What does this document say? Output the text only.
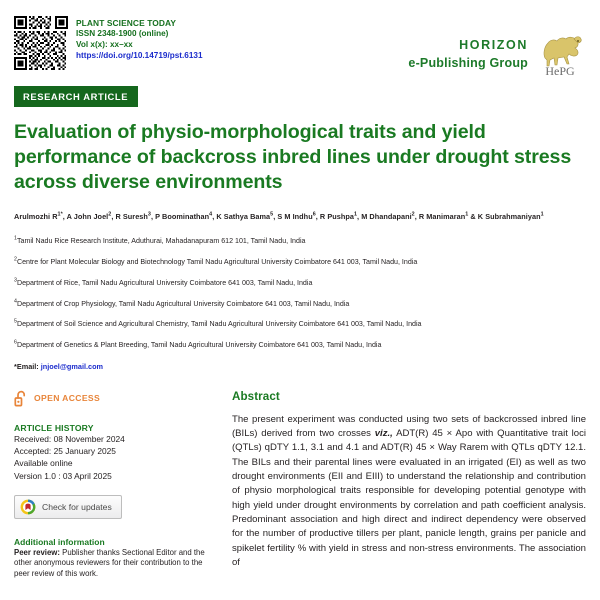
PLANT SCIENCE TODAY
ISSN 2348-1900 (online)
Vol x(x): xx–xx
https://doi.org/10.14719/pst.6131
HORIZON
e-Publishing Group
HePG
RESEARCH ARTICLE
Evaluation of physio-morphological traits and yield performance of backcross inbred lines under drought stress across diverse environments
Arulmozhi $R^{1*}$, A John Joel$^2$, R Suresh$^3$, P Boominathan$^4$, K Sathya Bama$^5$, S M Indhu$^6$, R Pushpa$^1$, M Dhandapani$^2$, R Manimaran$^1$ & K Subrahmaniyan$^1$
$^1$Tamil Nadu Rice Research Institute, Aduthurai, Mahadanapuram 612 101, Tamil Nadu, India
$^2$Centre for Plant Molecular Biology and Biotechnology Tamil Nadu Agricultural University Coimbatore 641 003, Tamil Nadu, India
$^3$Department of Rice, Tamil Nadu Agricultural University Coimbatore 641 003, Tamil Nadu, India
$^4$Department of Crop Physiology, Tamil Nadu Agricultural University Coimbatore 641 003, Tamil Nadu, India
$^5$Department of Soil Science and Agricultural Chemistry, Tamil Nadu Agricultural University Coimbatore 641 003, Tamil Nadu, India
$^6$Department of Genetics & Plant Breeding, Tamil Nadu Agricultural University Coimbatore 641 003, Tamil Nadu, India
*Email: jnjoel@gmail.com
OPEN ACCESS
ARTICLE HISTORY
Received: 08 November 2024
Accepted: 25 January 2025
Available online
Version 1.0 : 03 April 2025
Check for updates
Additional information
Peer review: Publisher thanks Sectional Editor and the other anonymous reviewers for their contribution to the peer review of this work.
Abstract
The present experiment was conducted using two sets of backcrossed inbred line (BILs) derived from two crosses viz., ADT(R) 45 × Apo with Quantitative trait loci (QTLs) qDTY 1.1, 3.1 and 4.1 and ADT(R) 45 × Way Rarem with QTLs qDTY 12.1. The BILs and their parental lines were evaluated in an irrigated (EI) as well as two drought environments (EII and EIII) to understand the relationship and contribution of physio morphological traits responsible for developing potential genotype with high yield under drought environments by correlation and path coefficient analysis. Predominant association and high direct and indirect dependency were observed for the number of productive tillers per plant, panicle length, grains per panicle and spikelet fertility % with yield in stress and non-stress environments. The association of
